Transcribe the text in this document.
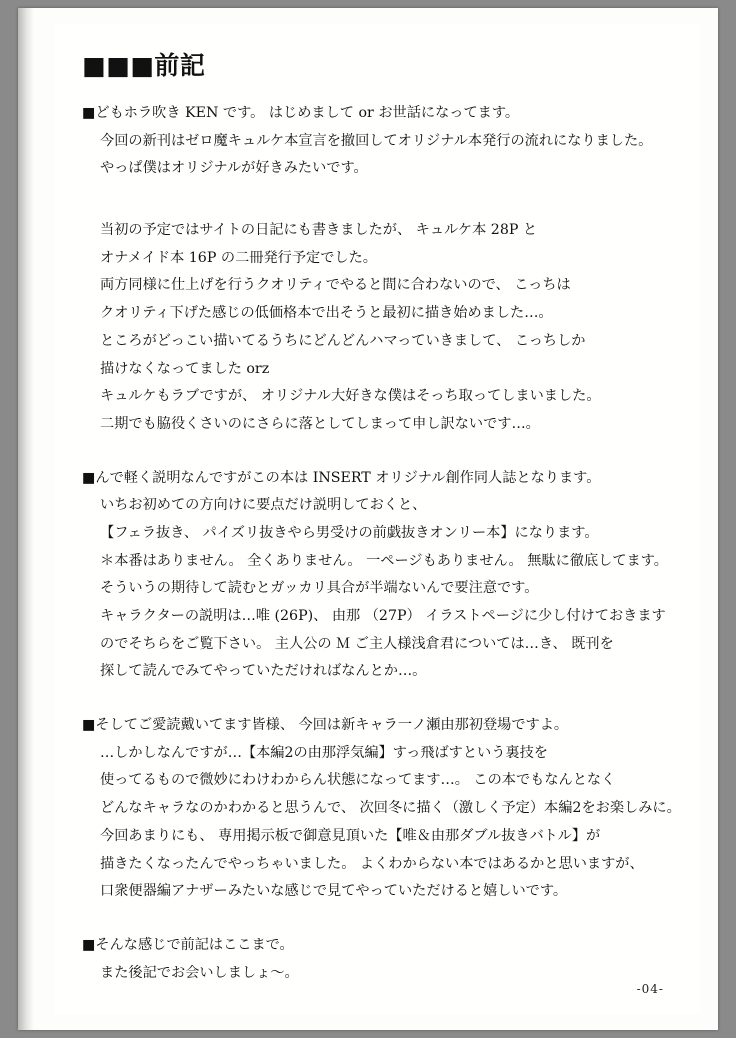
■■■前記

■どもホラ吹き KEN です。 はじめまして or お世話になってます。

今回の新刊はゼロ魔キュルケ本宣言を撤回してオリジナル本発行の流れになりました。

やっぱ僕はオリジナルが好きみたいです。

当初の予定ではサイトの日記にも書きましたが、 キュルケ本 28P と

オナメイド本 16P の二冊発行予定でした。

両方同様に仕上げを行うクオリティでやると間に合わないので、 こっちは

クオリティ下げた感じの低価格本で出そうと最初に描き始めました…。

ところがどっこい描いてるうちにどんどんハマっていきまして、 こっちしか

描けなくなってました orz

キュルケもラブですが、 オリジナル大好きな僕はそっち取ってしまいました。

二期でも脇役くさいのにさらに落としてしまって申し訳ないです…。

■んで軽く説明なんですがこの本は INSERT オリジナル創作同人誌となります。

いちお初めての方向けに要点だけ説明しておくと、

【フェラ抜き、 パイズリ抜きやら男受けの前戯抜きオンリー本】になります。

＊本番はありません。 全くありません。 一ページもありません。 無駄に徹底してます。

そういうの期待して読むとガッカリ具合が半端ないんで要注意です。

キャラクターの説明は…唯 (26P)、 由那 （27P） イラストページに少し付けておきます

のでそちらをご覧下さい。 主人公の Ｍ ご主人様浅倉君については…き、 既刊を

探して読んでみてやっていただければなんとか…。

■そしてご愛読戴いてます皆様、 今回は新キャラ一ノ瀬由那初登場ですよ。

…しかしなんですが…【本編2の由那浮気編】すっ飛ばすという裏技を

使ってるもので微妙にわけわからん状態になってます…。 この本でもなんとなく

どんなキャラなのかわかると思うんで、 次回冬に描く（激しく予定）本編2をお楽しみに。

今回あまりにも、 専用掲示板で御意見頂いた【唯＆由那ダブル抜きバトル】が

描きたくなったんでやっちゃいました。 よくわからない本ではあるかと思いますが、

口衆便器編アナザーみたいな感じで見てやっていただけると嬉しいです。

■そんな感じで前記はここまで。

また後記でお会いしましょ～。

-04-
